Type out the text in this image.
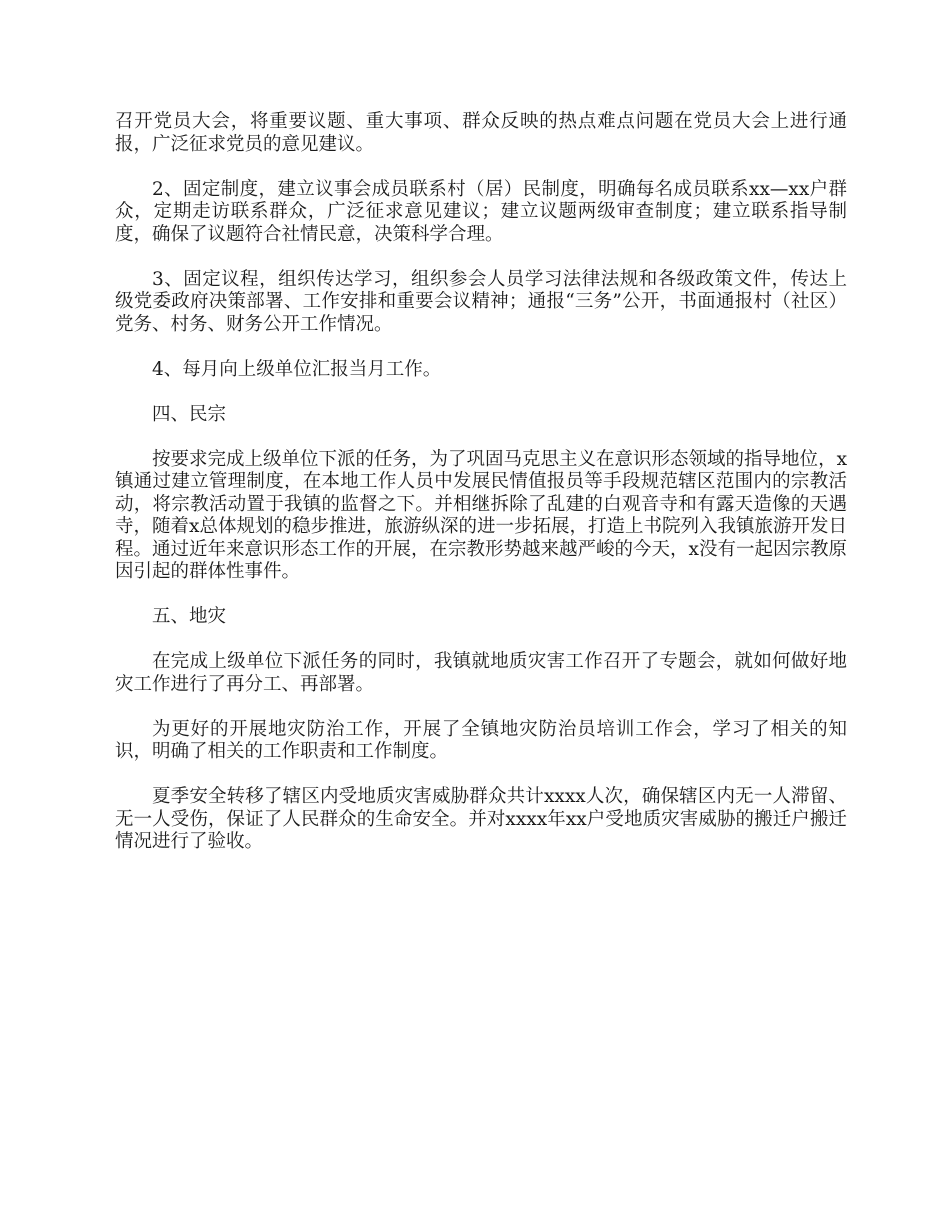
召开党员大会，将重要议题、重大事项、群众反映的热点难点问题在党员大会上进行通报，广泛征求党员的意见建议。

2、固定制度，建立议事会成员联系村（居）民制度，明确每名成员联系xx—xx户群众，定期走访联系群众，广泛征求意见建议；建立议题两级审查制度；建立联系指导制度，确保了议题符合社情民意，决策科学合理。

3、固定议程，组织传达学习，组织参会人员学习法律法规和各级政策文件，传达上级党委政府决策部署、工作安排和重要会议精神；通报“三务”公开，书面通报村（社区）党务、村务、财务公开工作情况。

4、每月向上级单位汇报当月工作。

四、民宗

按要求完成上级单位下派的任务，为了巩固马克思主义在意识形态领域的指导地位，x镇通过建立管理制度，在本地工作人员中发展民情值报员等手段规范辖区范围内的宗教活动，将宗教活动置于我镇的监督之下。并相继拆除了乱建的白观音寺和有露天造像的天遇寺，随着x总体规划的稳步推进，旅游纵深的进一步拓展，打造上书院列入我镇旅游开发日程。通过近年来意识形态工作的开展，在宗教形势越来越严峻的今天，x没有一起因宗教原因引起的群体性事件。

五、地灾

在完成上级单位下派任务的同时，我镇就地质灾害工作召开了专题会，就如何做好地灾工作进行了再分工、再部署。

为更好的开展地灾防治工作，开展了全镇地灾防治员培训工作会，学习了相关的知识，明确了相关的工作职责和工作制度。

夏季安全转移了辖区内受地质灾害威胁群众共计xxxx人次，确保辖区内无一人滞留、无一人受伤，保证了人民群众的生命安全。并对xxxx年xx户受地质灾害威胁的搬迁户搬迁情况进行了验收。
